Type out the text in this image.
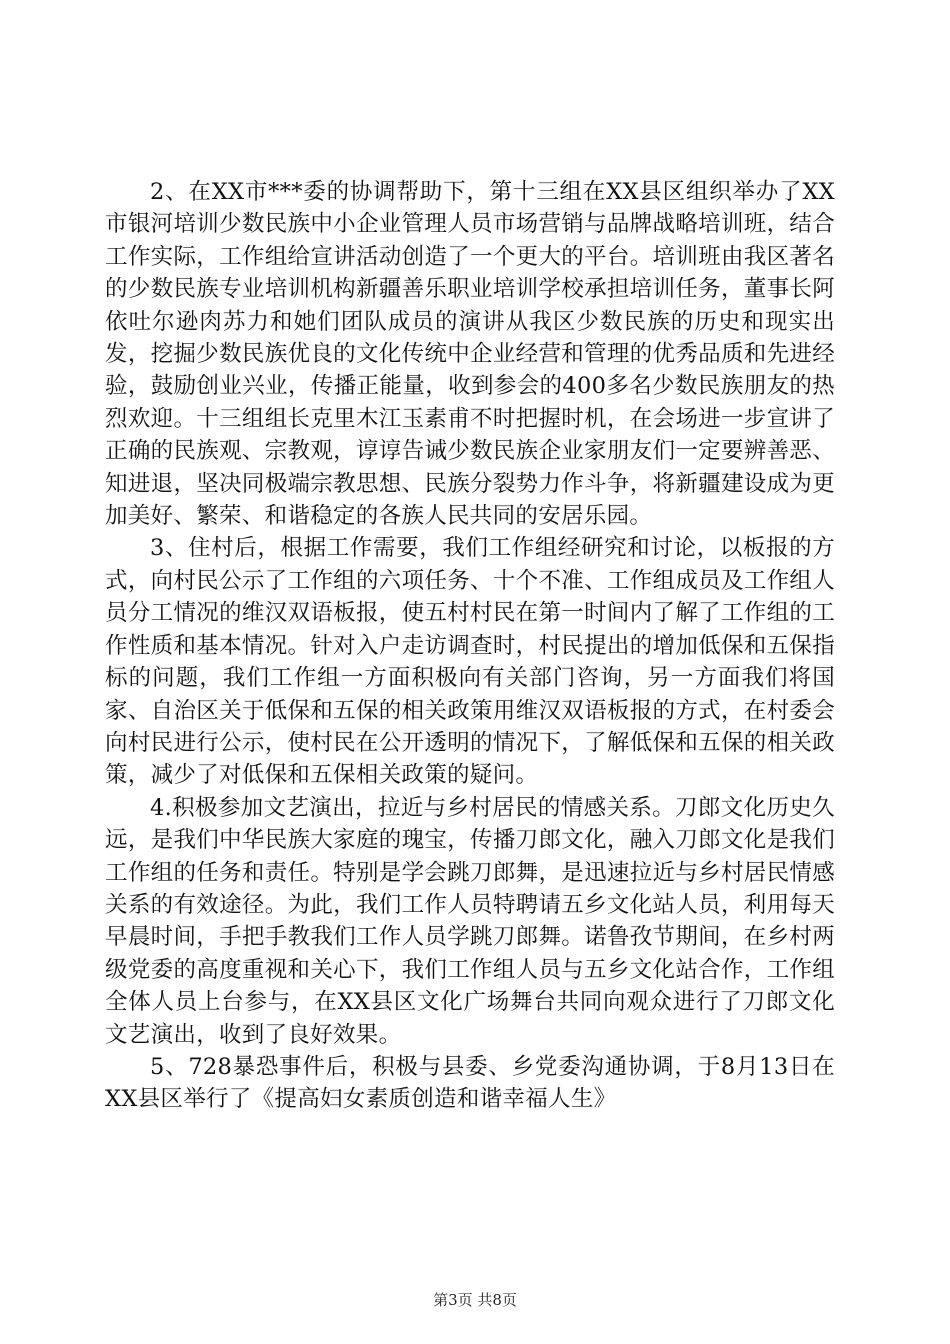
2、在XX市***委的协调帮助下，第十三组在XX县区组织举办了XX市银河培训少数民族中小企业管理人员市场营销与品牌战略培训班，结合工作实际，工作组给宣讲活动创造了一个更大的平台。培训班由我区著名的少数民族专业培训机构新疆善乐职业培训学校承担培训任务，董事长阿依吐尔逊肉苏力和她们团队成员的演讲从我区少数民族的历史和现实出发，挖掘少数民族优良的文化传统中企业经营和管理的优秀品质和先进经验，鼓励创业兴业，传播正能量，收到参会的400多名少数民族朋友的热烈欢迎。十三组组长克里木江玉素甫不时把握时机，在会场进一步宣讲了正确的民族观、宗教观，谆谆告诫少数民族企业家朋友们一定要辨善恶、知进退，坚决同极端宗教思想、民族分裂势力作斗争，将新疆建设成为更加美好、繁荣、和谐稳定的各族人民共同的安居乐园。

3、住村后，根据工作需要，我们工作组经研究和讨论，以板报的方式，向村民公示了工作组的六项任务、十个不准、工作组成员及工作组人员分工情况的维汉双语板报，使五村村民在第一时间内了解了工作组的工作性质和基本情况。针对入户走访调查时，村民提出的增加低保和五保指标的问题，我们工作组一方面积极向有关部门咨询，另一方面我们将国家、自治区关于低保和五保的相关政策用维汉双语板报的方式，在村委会向村民进行公示，使村民在公开透明的情况下，了解低保和五保的相关政策，减少了对低保和五保相关政策的疑问。

4.积极参加文艺演出，拉近与乡村居民的情感关系。刀郎文化历史久远，是我们中华民族大家庭的瑰宝，传播刀郎文化，融入刀郎文化是我们工作组的任务和责任。特别是学会跳刀郎舞，是迅速拉近与乡村居民情感关系的有效途径。为此，我们工作人员特聘请五乡文化站人员，利用每天早晨时间，手把手教我们工作人员学跳刀郎舞。诺鲁孜节期间，在乡村两级党委的高度重视和关心下，我们工作组人员与五乡文化站合作，工作组全体人员上台参与，在XX县区文化广场舞台共同向观众进行了刀郎文化文艺演出，收到了良好效果。

5、728暴恐事件后，积极与县委、乡党委沟通协调，于8月13日在XX县区举行了《提高妇女素质创造和谐幸福人生》

第3页 共8页
